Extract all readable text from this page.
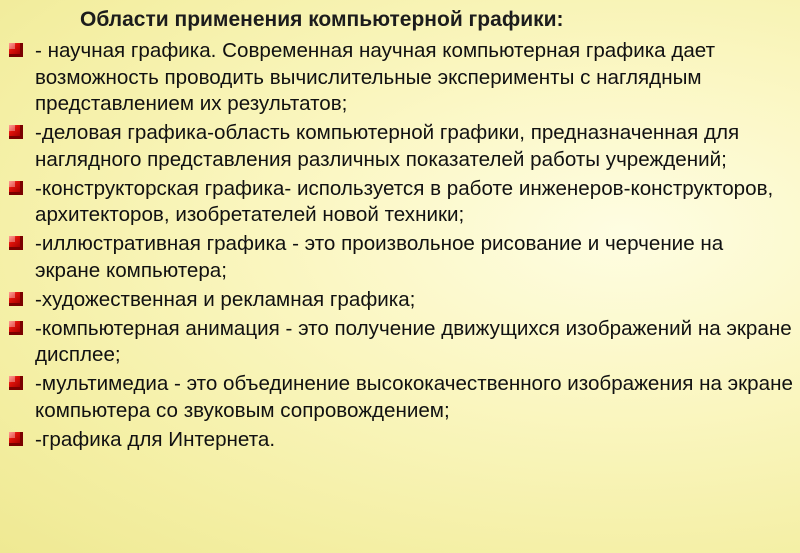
Области применения компьютерной графики:
- научная графика. Современная научная компьютерная графика дает возможность проводить вычислительные эксперименты с наглядным представлением их результатов;
-деловая графика-область компьютерной графики, предназначенная для наглядного представления различных показателей работы учреждений;
-конструкторская графика- используется в работе инженеров-конструкторов, архитекторов, изобретателей новой техники;
-иллюстративная графика - это произвольное рисование и черчение на экране компьютера;
-художественная и рекламная графика;
-компьютерная анимация - это получение движущихся изображений на экране дисплее;
-мультимедиа - это объединение высококачественного изображения на экране компьютера со звуковым сопровождением;
-графика для Интернета.
